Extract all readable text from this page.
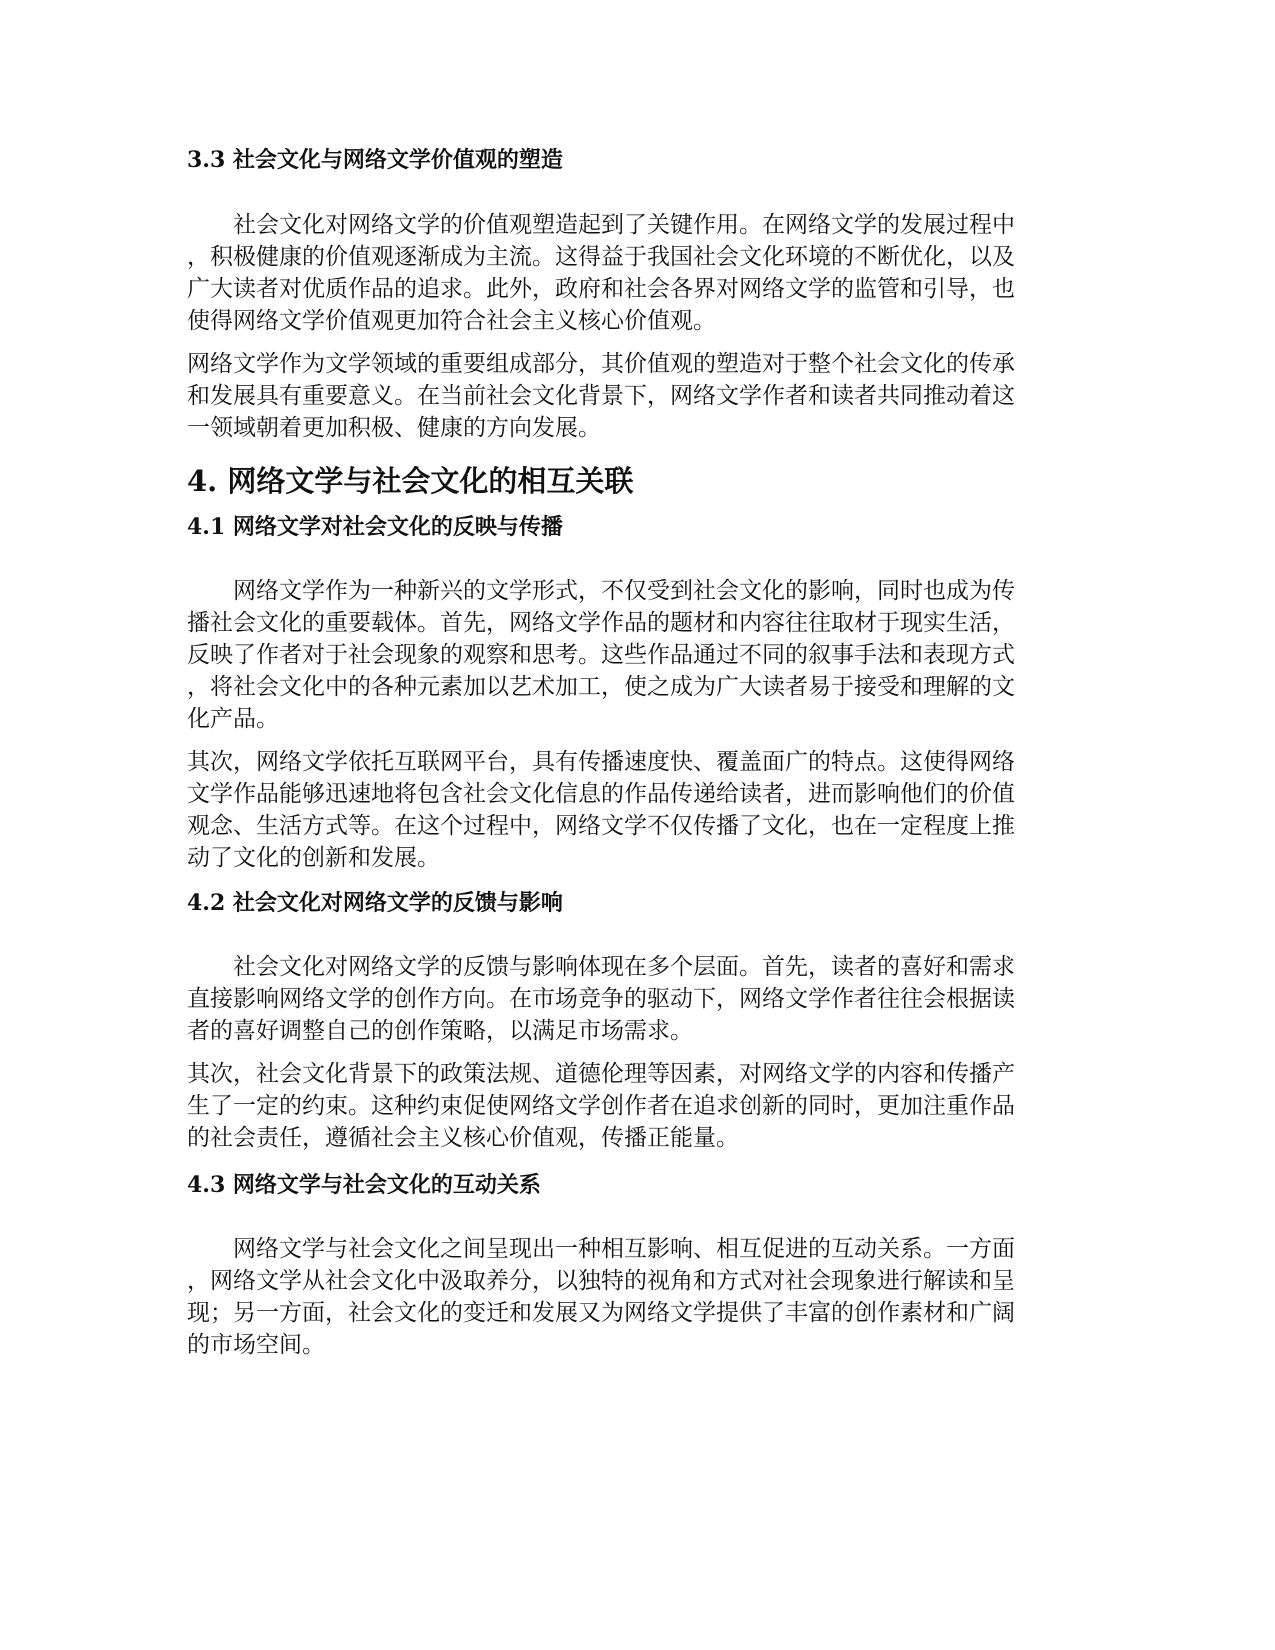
3.3 社会文化与网络文学价值观的塑造
　　社会文化对网络文学的价值观塑造起到了关键作用。在网络文学的发展过程中
，积极健康的价值观逐渐成为主流。这得益于我国社会文化环境的不断优化，以及
广大读者对优质作品的追求。此外，政府和社会各界对网络文学的监管和引导，也
使得网络文学价值观更加符合社会主义核心价值观。
网络文学作为文学领域的重要组成部分，其价值观的塑造对于整个社会文化的传承
和发展具有重要意义。在当前社会文化背景下，网络文学作者和读者共同推动着这
一领域朝着更加积极、健康的方向发展。
4. 网络文学与社会文化的相互关联
4.1 网络文学对社会文化的反映与传播
　　网络文学作为一种新兴的文学形式，不仅受到社会文化的影响，同时也成为传
播社会文化的重要载体。首先，网络文学作品的题材和内容往往取材于现实生活，
反映了作者对于社会现象的观察和思考。这些作品通过不同的叙事手法和表现方式
，将社会文化中的各种元素加以艺术加工，使之成为广大读者易于接受和理解的文
化产品。
其次，网络文学依托互联网平台，具有传播速度快、覆盖面广的特点。这使得网络
文学作品能够迅速地将包含社会文化信息的作品传递给读者，进而影响他们的价值
观念、生活方式等。在这个过程中，网络文学不仅传播了文化，也在一定程度上推
动了文化的创新和发展。
4.2 社会文化对网络文学的反馈与影响
　　社会文化对网络文学的反馈与影响体现在多个层面。首先，读者的喜好和需求
直接影响网络文学的创作方向。在市场竞争的驱动下，网络文学作者往往会根据读
者的喜好调整自己的创作策略，以满足市场需求。
其次，社会文化背景下的政策法规、道德伦理等因素，对网络文学的内容和传播产
生了一定的约束。这种约束促使网络文学创作者在追求创新的同时，更加注重作品
的社会责任，遵循社会主义核心价值观，传播正能量。
4.3 网络文学与社会文化的互动关系
　　网络文学与社会文化之间呈现出一种相互影响、相互促进的互动关系。一方面
，网络文学从社会文化中汲取养分，以独特的视角和方式对社会现象进行解读和呈
现；另一方面，社会文化的变迁和发展又为网络文学提供了丰富的创作素材和广阔
的市场空间。
